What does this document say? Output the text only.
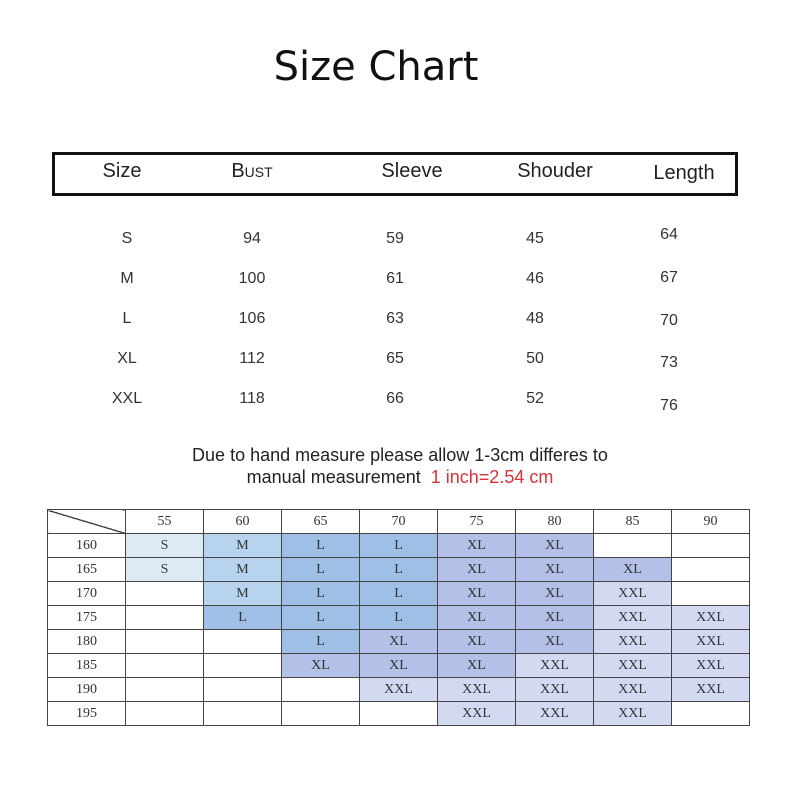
Size Chart
Size	Bust	Sleeve	Shouder	Length
S	94	59	45	64
M	100	61	46	67
L	106	63	48	70
XL	112	65	50	73
XXL	118	66	52	76
Due to hand measure please allow 1-3cm differes to
manual measurement 1 inch=2.54 cm
	55	60	65	70	75	80	85	90
160	S	M	L	L	XL	XL		
165	S	M	L	L	XL	XL	XL	
170		M	L	L	XL	XL	XXL	
175		L	L	L	XL	XL	XXL	XXL
180			L	XL	XL	XL	XXL	XXL
185			XL	XL	XL	XXL	XXL	XXL
190				XXL	XXL	XXL	XXL	XXL
195					XXL	XXL	XXL	
